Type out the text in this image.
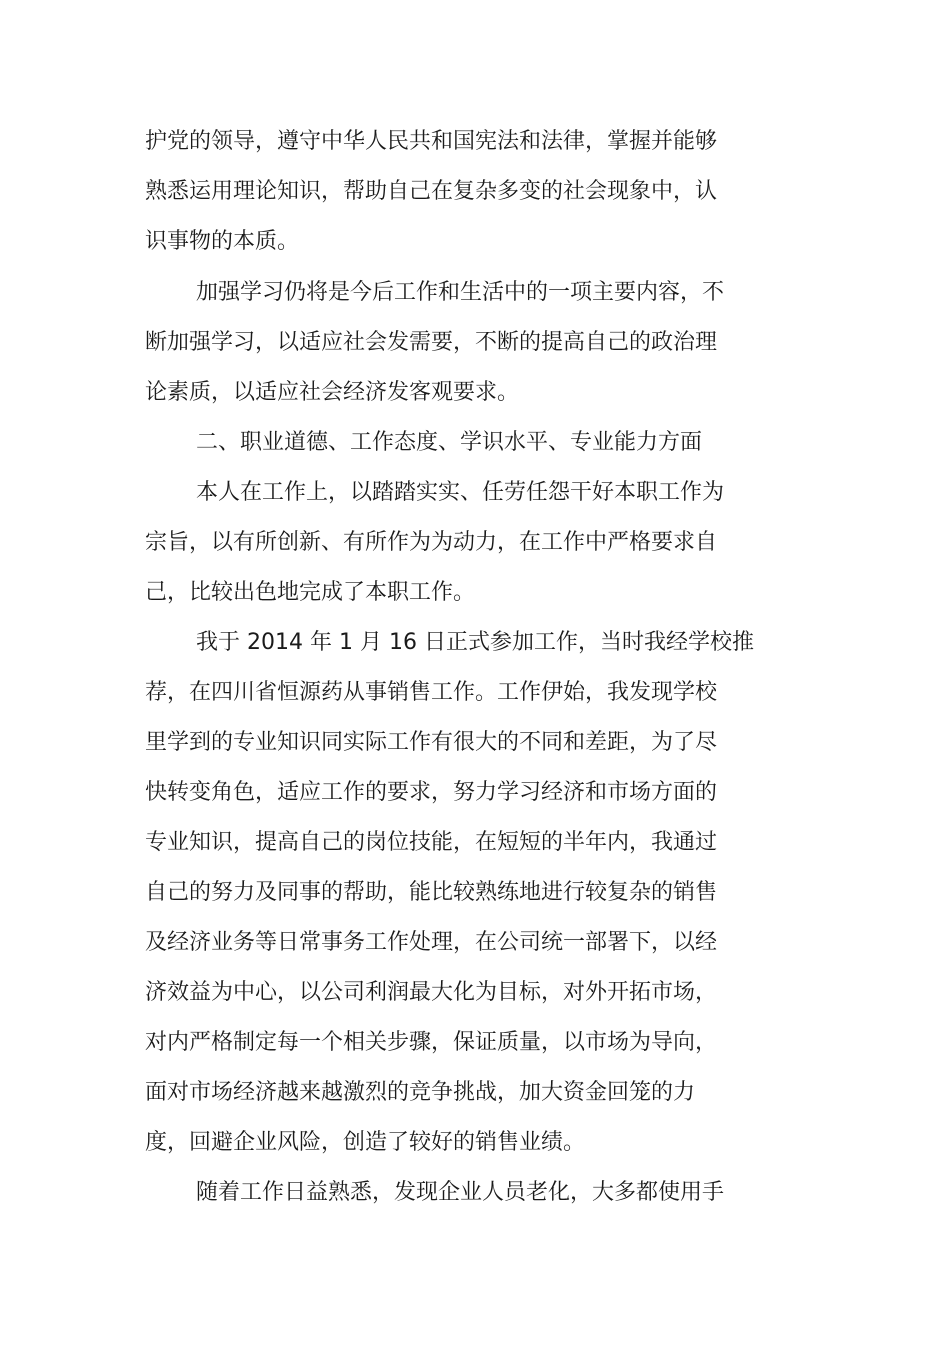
护党的领导，遵守中华人民共和国宪法和法律，掌握并能够

熟悉运用理论知识，帮助自己在复杂多变的社会现象中，认

识事物的本质。

加强学习仍将是今后工作和生活中的一项主要内容，不

断加强学习，以适应社会发需要，不断的提高自己的政治理

论素质，以适应社会经济发客观要求。

二、职业道德、工作态度、学识水平、专业能力方面

本人在工作上，以踏踏实实、任劳任怨干好本职工作为

宗旨，以有所创新、有所作为为动力，在工作中严格要求自

己，比较出色地完成了本职工作。

我于 2014 年 1 月 16 日正式参加工作，当时我经学校推

荐，在四川省恒源药从事销售工作。工作伊始，我发现学校

里学到的专业知识同实际工作有很大的不同和差距，为了尽

快转变角色，适应工作的要求，努力学习经济和市场方面的

专业知识，提高自己的岗位技能，在短短的半年内，我通过

自己的努力及同事的帮助，能比较熟练地进行较复杂的销售

及经济业务等日常事务工作处理，在公司统一部署下，以经

济效益为中心，以公司利润最大化为目标，对外开拓市场，

对内严格制定每一个相关步骤，保证质量，以市场为导向，

面对市场经济越来越激烈的竞争挑战，加大资金回笼的力

度，回避企业风险，创造了较好的销售业绩。

随着工作日益熟悉，发现企业人员老化，大多都使用手
